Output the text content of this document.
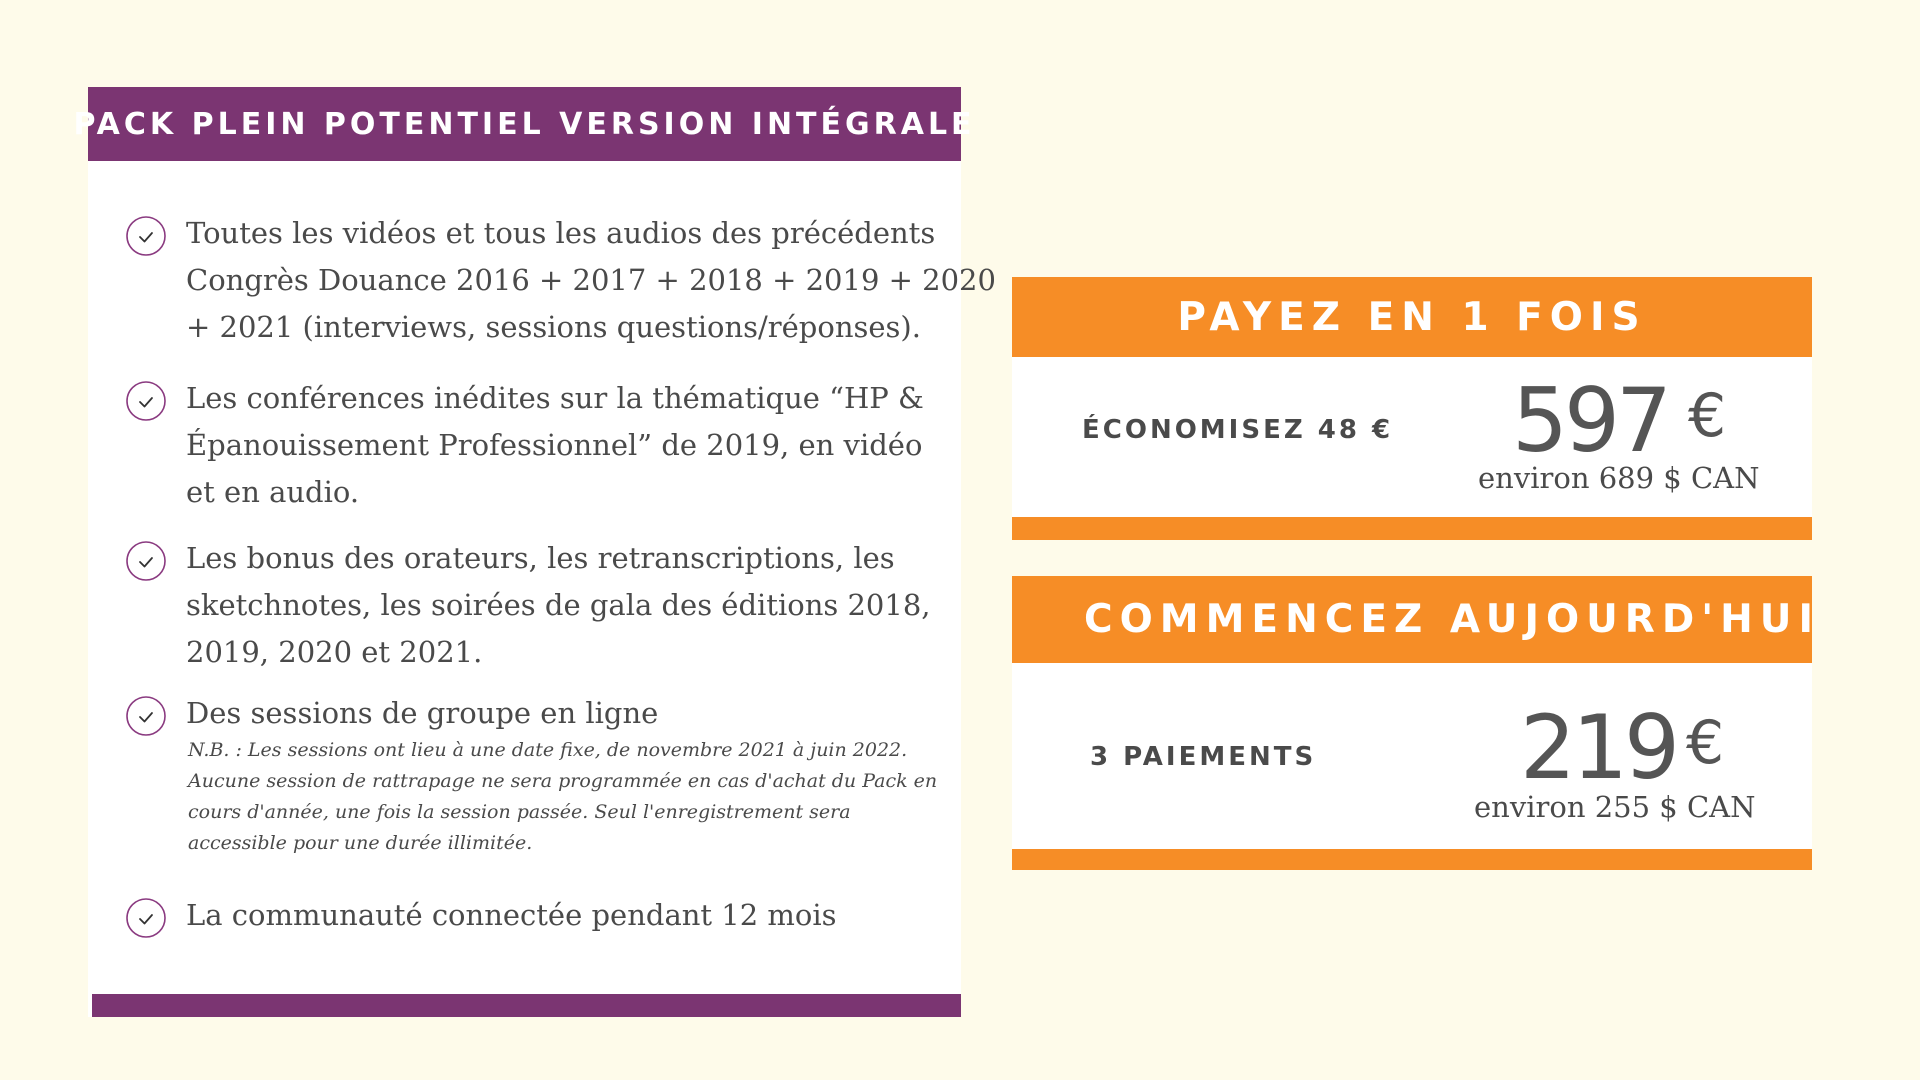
PACK PLEIN POTENTIEL VERSION INTÉGRALE
Toutes les vidéos et tous les audios des précédents
Congrès Douance 2016 + 2017 + 2018 + 2019 + 2020
+ 2021 (interviews, sessions questions/réponses).
Les conférences inédites sur la thématique “HP &
Épanouissement Professionnel” de 2019, en vidéo
et en audio.
Les bonus des orateurs, les retranscriptions, les
sketchnotes, les soirées de gala des éditions 2018,
2019, 2020 et 2021.
Des sessions de groupe en ligne
N.B. : Les sessions ont lieu à une date fixe, de novembre 2021 à juin 2022.
Aucune session de rattrapage ne sera programmée en cas d'achat du Pack en
cours d'année, une fois la session passée. Seul l'enregistrement sera
accessible pour une durée illimitée.
La communauté connectée pendant 12 mois
PAYEZ EN 1 FOIS
ÉCONOMISEZ 48 € 597 €
environ 689 $ CAN
COMMENCEZ AUJOURD'HUI
3 PAIEMENTS 219 €
environ 255 $ CAN
